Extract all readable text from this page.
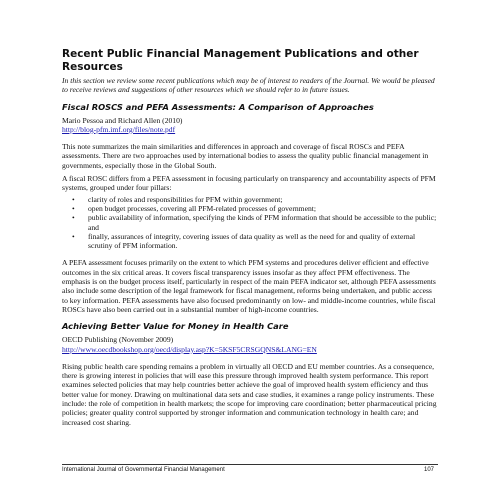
Recent Public Financial Management Publications and other Resources

In this section we review some recent publications which may be of interest to readers of the Journal. We would be pleased to receive reviews and suggestions of other resources which we should refer to in future issues.

Fiscal ROSCS and PEFA Assessments: A Comparison of Approaches

Mario Pessoa and Richard Allen (2010)

http://blog-pfm.imf.org/files/note.pdf

This note summarizes the main similarities and differences in approach and coverage of fiscal ROSCs and PEFA assessments. There are two approaches used by international bodies to assess the quality public financial management in governments, especially those in the Global South.

A fiscal ROSC differs from a PEFA assessment in focusing particularly on transparency and accountability aspects of PFM systems, grouped under four pillars:

• clarity of roles and responsibilities for PFM within government;
• open budget processes, covering all PFM-related processes of government;
• public availability of information, specifying the kinds of PFM information that should be accessible to the public; and
• finally, assurances of integrity, covering issues of data quality as well as the need for and quality of external scrutiny of PFM information.

A PEFA assessment focuses primarily on the extent to which PFM systems and procedures deliver efficient and effective outcomes in the six critical areas. It covers fiscal transparency issues insofar as they affect PFM effectiveness. The emphasis is on the budget process itself, particularly in respect of the main PEFA indicator set, although PEFA assessments also include some description of the legal framework for fiscal management, reforms being undertaken, and public access to key information. PEFA assessments have also focused predominantly on low- and middle-income countries, while fiscal ROSCs have also been carried out in a substantial number of high-income countries.

Achieving Better Value for Money in Health Care

OECD Publishing (November 2009)

http://www.oecdbookshop.org/oecd/display.asp?K=5KSF5CRSGQNS&LANG=EN

Rising public health care spending remains a problem in virtually all OECD and EU member countries. As a consequence, there is growing interest in policies that will ease this pressure through improved health system performance. This report examines selected policies that may help countries better achieve the goal of improved health system efficiency and thus better value for money. Drawing on multinational data sets and case studies, it examines a range policy instruments. These include: the role of competition in health markets; the scope for improving care coordination; better pharmaceutical pricing policies; greater quality control supported by stronger information and communication technology in health care; and increased cost sharing.

International Journal of Governmental Financial Management	107
